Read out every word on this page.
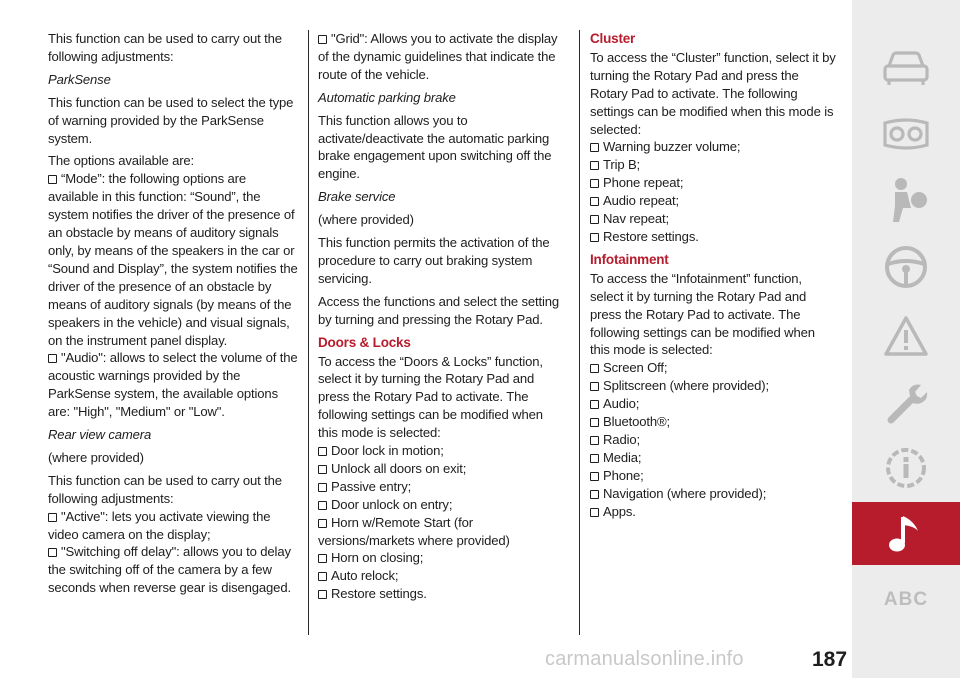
This function can be used to carry out the following adjustments:

ParkSense

This function can be used to select the type of warning provided by the ParkSense system.

The options available are:

“Mode”: the following options are available in this function: “Sound”, the system notifies the driver of the presence of an obstacle by means of auditory signals only, by means of the speakers in the car or “Sound and Display”, the system notifies the driver of the presence of an obstacle by means of auditory signals (by means of the speakers in the vehicle) and visual signals, on the instrument panel display.
"Audio": allows to select the volume of the acoustic warnings provided by the ParkSense system, the available options are: "High", "Medium" or "Low".

Rear view camera

(where provided)

This function can be used to carry out the following adjustments:

"Active": lets you activate viewing the video camera on the display;
"Switching off delay": allows you to delay the switching off of the camera by a few seconds when reverse gear is disengaged.
"Grid": Allows you to activate the display of the dynamic guidelines that indicate the route of the vehicle.

Automatic parking brake

This function allows you to activate/deactivate the automatic parking brake engagement upon switching off the engine.

Brake service

(where provided)

This function permits the activation of the procedure to carry out braking system servicing.

Access the functions and select the setting by turning and pressing the Rotary Pad.

Doors & Locks

To access the “Doors & Locks” function, select it by turning the Rotary Pad and press the Rotary Pad to activate. The following settings can be modified when this mode is selected:

Door lock in motion;
Unlock all doors on exit;
Passive entry;
Door unlock on entry;
Horn w/Remote Start (for versions/markets where provided)
Horn on closing;
Auto relock;
Restore settings.
Cluster

To access the “Cluster” function, select it by turning the Rotary Pad and press the Rotary Pad to activate. The following settings can be modified when this mode is selected:

Warning buzzer volume;
Trip B;
Phone repeat;
Audio repeat;
Nav repeat;
Restore settings.
Infotainment

To access the “Infotainment” function, select it by turning the Rotary Pad and press the Rotary Pad to activate. The following settings can be modified when this mode is selected:

Screen Off;
Splitscreen (where provided);
Audio;
Bluetooth®;
Radio;
Media;
Phone;
Navigation (where provided);
Apps.
ABC
carmanualsonline.info	187
